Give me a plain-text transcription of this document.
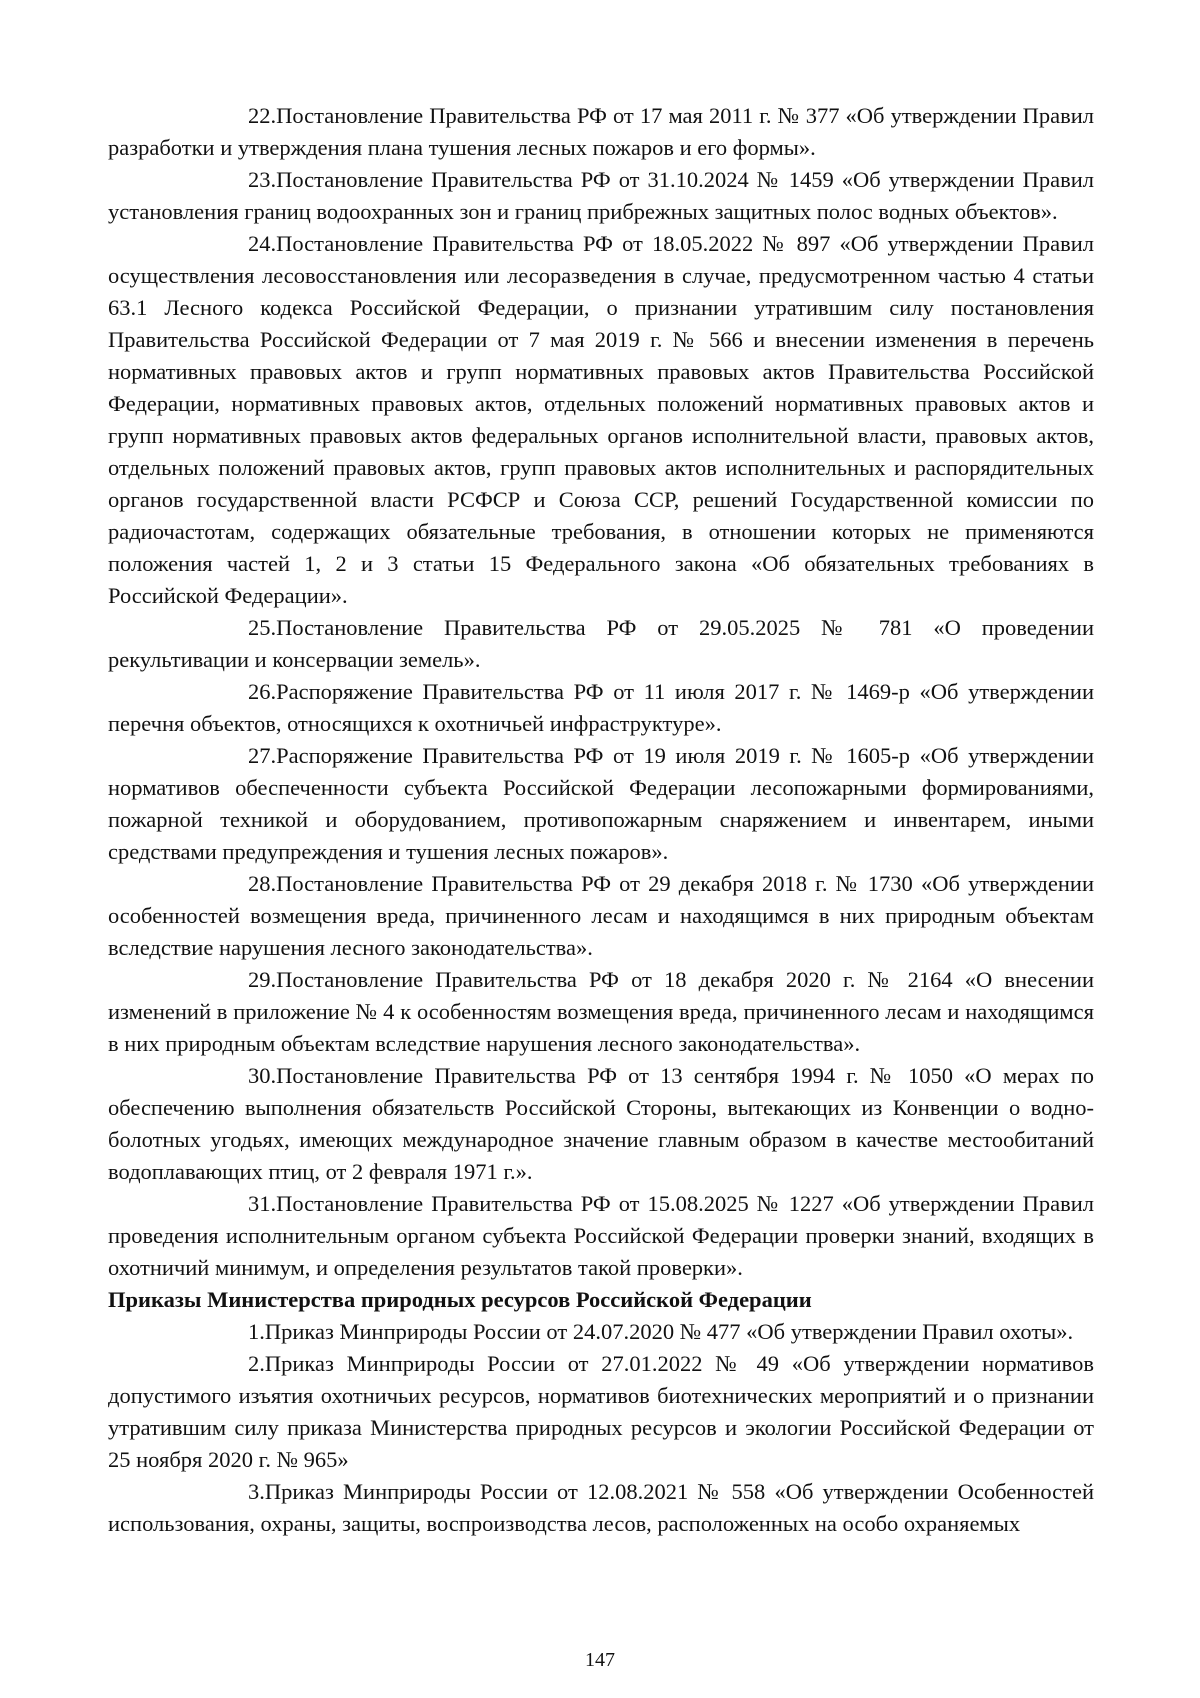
22.Постановление Правительства РФ от 17 мая 2011 г. № 377 «Об утверждении Правил разработки и утверждения плана тушения лесных пожаров и его формы».

23.Постановление Правительства РФ от 31.10.2024 № 1459 «Об утверждении Правил установления границ водоохранных зон и границ прибрежных защитных полос водных объектов».

24.Постановление Правительства РФ от 18.05.2022 № 897 «Об утверждении Правил осуществления лесовосстановления или лесоразведения в случае, предусмотренном частью 4 статьи 63.1 Лесного кодекса Российской Федерации, о признании утратившим силу постановления Правительства Российской Федерации от 7 мая 2019 г. № 566 и внесении изменения в перечень нормативных правовых актов и групп нормативных правовых актов Правительства Российской Федерации, нормативных правовых актов, отдельных положений нормативных правовых актов и групп нормативных правовых актов федеральных органов исполнительной власти, правовых актов, отдельных положений правовых актов, групп правовых актов исполнительных и распорядительных органов государственной власти РСФСР и Союза ССР, решений Государственной комиссии по радиочастотам, содержащих обязательные требования, в отношении которых не применяются положения частей 1, 2 и 3 статьи 15 Федерального закона «Об обязательных требованиях в Российской Федерации».

25.Постановление Правительства РФ от 29.05.2025 № 781 «О проведении рекультивации и консервации земель».

26.Распоряжение Правительства РФ от 11 июля 2017 г. № 1469-р «Об утверждении перечня объектов, относящихся к охотничьей инфраструктуре».

27.Распоряжение Правительства РФ от 19 июля 2019 г. № 1605-р «Об утверждении нормативов обеспеченности субъекта Российской Федерации лесопожарными формированиями, пожарной техникой и оборудованием, противопожарным снаряжением и инвентарем, иными средствами предупреждения и тушения лесных пожаров».

28.Постановление Правительства РФ от 29 декабря 2018 г. № 1730 «Об утверждении особенностей возмещения вреда, причиненного лесам и находящимся в них природным объектам вследствие нарушения лесного законодательства».

29.Постановление Правительства РФ от 18 декабря 2020 г. № 2164 «О внесении изменений в приложение № 4 к особенностям возмещения вреда, причиненного лесам и находящимся в них природным объектам вследствие нарушения лесного законодательства».

30.Постановление Правительства РФ от 13 сентября 1994 г. № 1050 «О мерах по обеспечению выполнения обязательств Российской Стороны, вытекающих из Конвенции о водно-болотных угодьях, имеющих международное значение главным образом в качестве местообитаний водоплавающих птиц, от 2 февраля 1971 г.».

31.Постановление Правительства РФ от 15.08.2025 № 1227 «Об утверждении Правил проведения исполнительным органом субъекта Российской Федерации проверки знаний, входящих в охотничий минимум, и определения результатов такой проверки».

Приказы Министерства природных ресурсов Российской Федерации

1.Приказ Минприроды России от 24.07.2020 № 477 «Об утверждении Правил охоты».

2.Приказ Минприроды России от 27.01.2022 № 49 «Об утверждении нормативов допустимого изъятия охотничьих ресурсов, нормативов биотехнических мероприятий и о признании утратившим силу приказа Министерства природных ресурсов и экологии Российской Федерации от 25 ноября 2020 г. № 965»

3.Приказ Минприроды России от 12.08.2021 № 558 «Об утверждении Особенностей использования, охраны, защиты, воспроизводства лесов, расположенных на особо охраняемых

147
